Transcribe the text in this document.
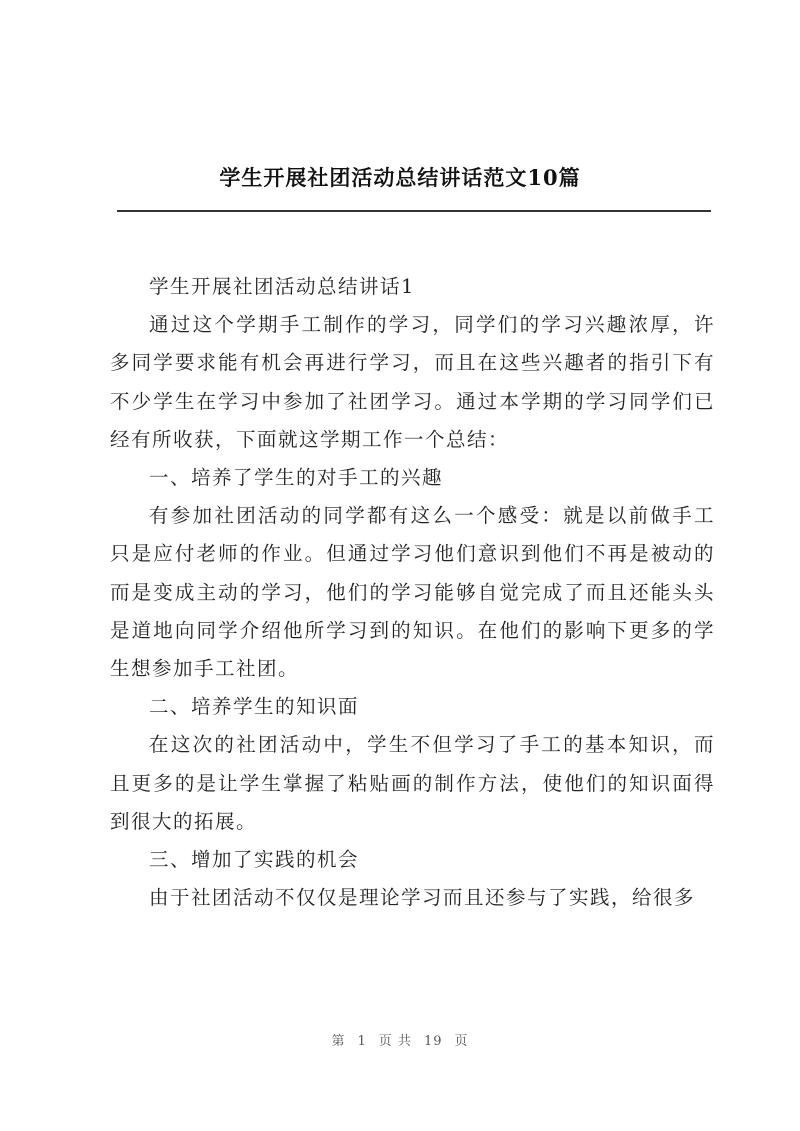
学生开展社团活动总结讲话范文10篇

学生开展社团活动总结讲话1

通过这个学期手工制作的学习，同学们的学习兴趣浓厚，许多同学要求能有机会再进行学习，而且在这些兴趣者的指引下有不少学生在学习中参加了社团学习。通过本学期的学习同学们已经有所收获，下面就这学期工作一个总结：

一、培养了学生的对手工的兴趣

有参加社团活动的同学都有这么一个感受：就是以前做手工只是应付老师的作业。但通过学习他们意识到他们不再是被动的而是变成主动的学习，他们的学习能够自觉完成了而且还能头头是道地向同学介绍他所学习到的知识。在他们的影响下更多的学生想参加手工社团。

二、培养学生的知识面

在这次的社团活动中，学生不但学习了手工的基本知识，而且更多的是让学生掌握了粘贴画的制作方法，使他们的知识面得到很大的拓展。

三、增加了实践的机会

由于社团活动不仅仅是理论学习而且还参与了实践，给很多

第 1 页 共 19 页
